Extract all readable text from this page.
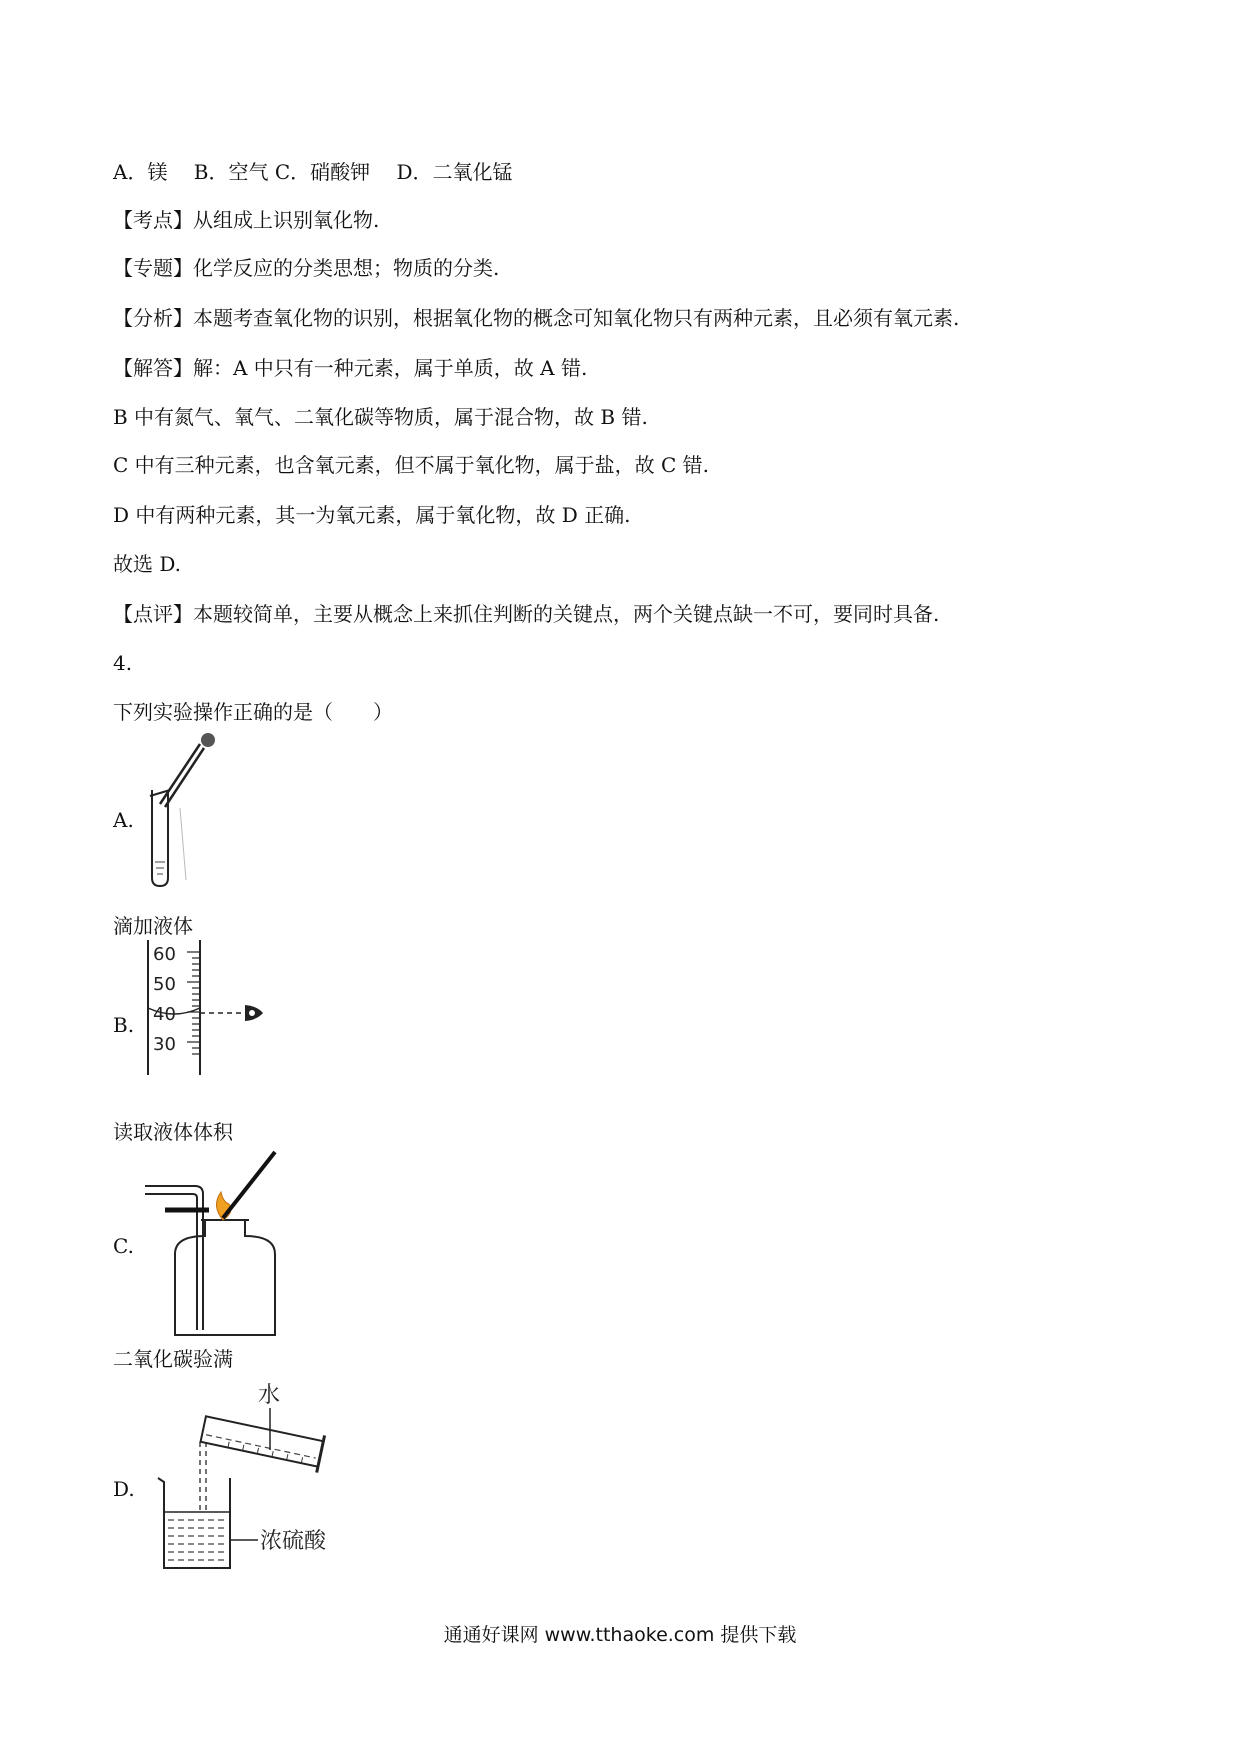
A．镁　 B．空气 C．硝酸钾　 D．二氧化锰
【考点】从组成上识别氧化物.
【专题】化学反应的分类思想；物质的分类.
【分析】本题考查氧化物的识别，根据氧化物的概念可知氧化物只有两种元素，且必须有氧元素.
【解答】解：A 中只有一种元素，属于单质，故 A 错.
B 中有氮气、氧气、二氧化碳等物质，属于混合物，故 B 错.
C 中有三种元素，也含氧元素，但不属于氧化物，属于盐，故 C 错.
D 中有两种元素，其一为氧元素，属于氧化物，故 D 正确.
故选 D.
【点评】本题较简单，主要从概念上来抓住判断的关键点，两个关键点缺一不可，要同时具备.
4.
下列实验操作正确的是（　　）
A.
滴加液体
B.
60
50
40
30
读取液体体积
C.
二氧化碳验满
D.
水
浓硫酸
通通好课网 www.tthaoke.com 提供下载
